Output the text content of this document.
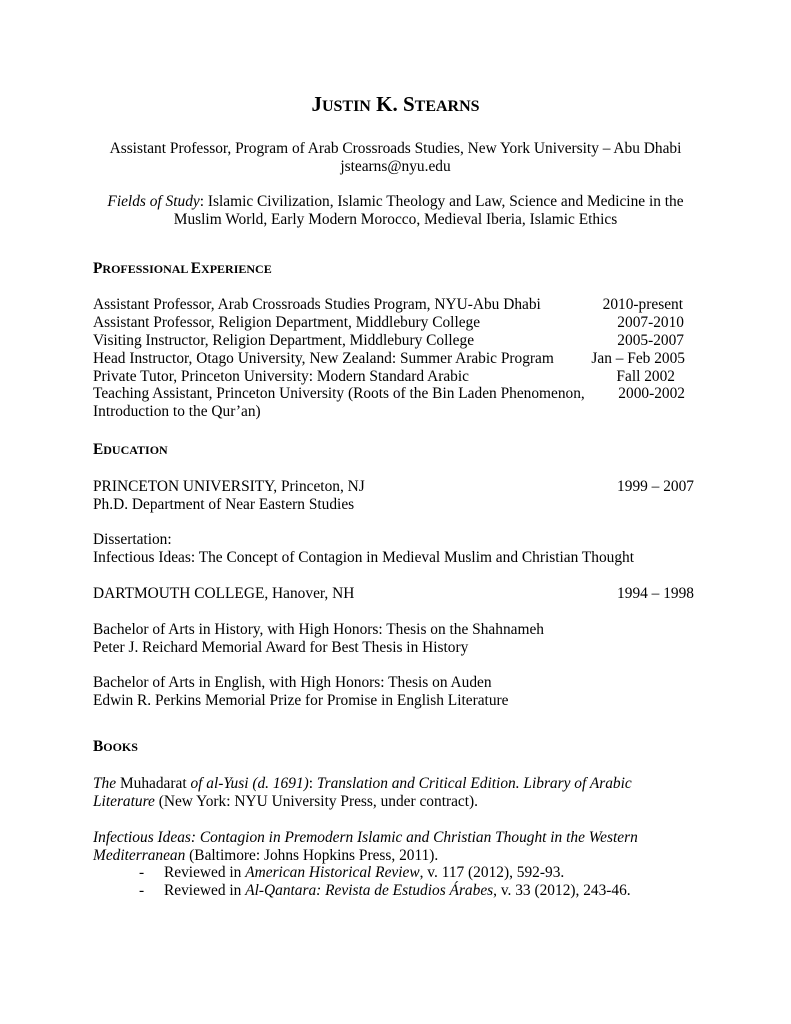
JUSTIN K. STEARNS
Assistant Professor, Program of Arab Crossroads Studies, New York University – Abu Dhabi
jstearns@nyu.edu
Fields of Study: Islamic Civilization, Islamic Theology and Law, Science and Medicine in the
Muslim World, Early Modern Morocco, Medieval Iberia, Islamic Ethics
PROFESSIONAL EXPERIENCE
Assistant Professor, Arab Crossroads Studies Program, NYU-Abu Dhabi	2010-present
Assistant Professor, Religion Department, Middlebury College	2007-2010
Visiting Instructor, Religion Department, Middlebury College	2005-2007
Head Instructor, Otago University, New Zealand: Summer Arabic Program Jan – Feb 2005
Private Tutor, Princeton University: Modern Standard Arabic	Fall 2002
Teaching Assistant, Princeton University (Roots of the Bin Laden Phenomenon, 2000-2002
Introduction to the Qur’an)
EDUCATION
PRINCETON UNIVERSITY, Princeton, NJ	1999 – 2007
Ph.D. Department of Near Eastern Studies
Dissertation:
Infectious Ideas: The Concept of Contagion in Medieval Muslim and Christian Thought
DARTMOUTH COLLEGE, Hanover, NH	1994 – 1998
Bachelor of Arts in History, with High Honors: Thesis on the Shahnameh
Peter J. Reichard Memorial Award for Best Thesis in History
Bachelor of Arts in English, with High Honors: Thesis on Auden
Edwin R. Perkins Memorial Prize for Promise in English Literature
BOOKS
The Muhadarat of al-Yusi (d. 1691): Translation and Critical Edition. Library of Arabic
Literature (New York: NYU University Press, under contract).
Infectious Ideas: Contagion in Premodern Islamic and Christian Thought in the Western
Mediterranean (Baltimore: Johns Hopkins Press, 2011).
- Reviewed in American Historical Review, v. 117 (2012), 592-93.
- Reviewed in Al-Qantara: Revista de Estudios Árabes, v. 33 (2012), 243-46.
